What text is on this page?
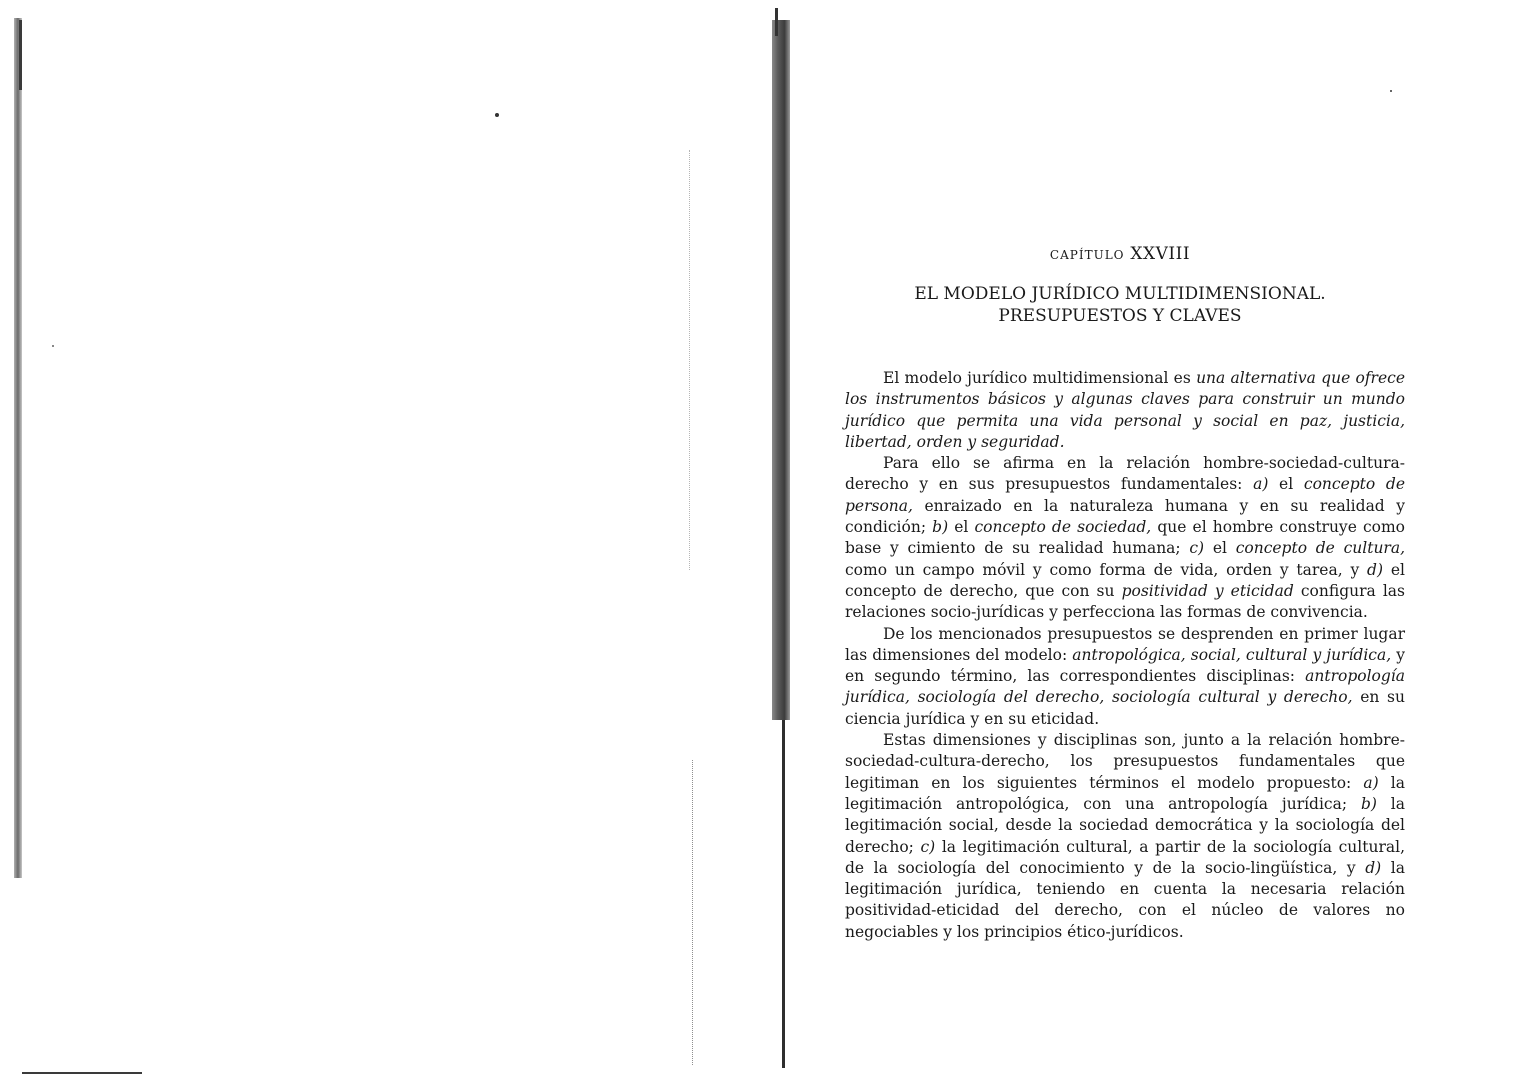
CAPÍTULO XXVIII
EL MODELO JURÍDICO MULTIDIMENSIONAL.
PRESUPUESTOS Y CLAVES

El modelo jurídico multidimensional es una alternativa que ofrece los instrumentos básicos y algunas claves para construir un mundo jurídico que permita una vida personal y social en paz, justicia, libertad, orden y seguridad.

Para ello se afirma en la relación hombre-sociedad-cultura-derecho y en sus presupuestos fundamentales: a) el concepto de persona, enraizado en la naturaleza humana y en su realidad y condición; b) el concepto de sociedad, que el hombre construye como base y cimiento de su realidad humana; c) el concepto de cultura, como un campo móvil y como forma de vida, orden y tarea, y d) el concepto de derecho, que con su positividad y eticidad configura las relaciones socio-jurídicas y perfecciona las formas de convivencia.

De los mencionados presupuestos se desprenden en primer lugar las dimensiones del modelo: antropológica, social, cultural y jurídica, y en segundo término, las correspondientes disciplinas: antropología jurídica, sociología del derecho, sociología cultural y derecho, en su ciencia jurídica y en su eticidad.

Estas dimensiones y disciplinas son, junto a la relación hombre-sociedad-cultura-derecho, los presupuestos fundamentales que legitiman en los siguientes términos el modelo propuesto: a) la legitimación antropológica, con una antropología jurídica; b) la legitimación social, desde la sociedad democrática y la sociología del derecho; c) la legitimación cultural, a partir de la sociología cultural, de la sociología del conocimiento y de la socio-lingüística, y d) la legitimación jurídica, teniendo en cuenta la necesaria relación positividad-eticidad del derecho, con el núcleo de valores no negociables y los principios ético-jurídicos.
